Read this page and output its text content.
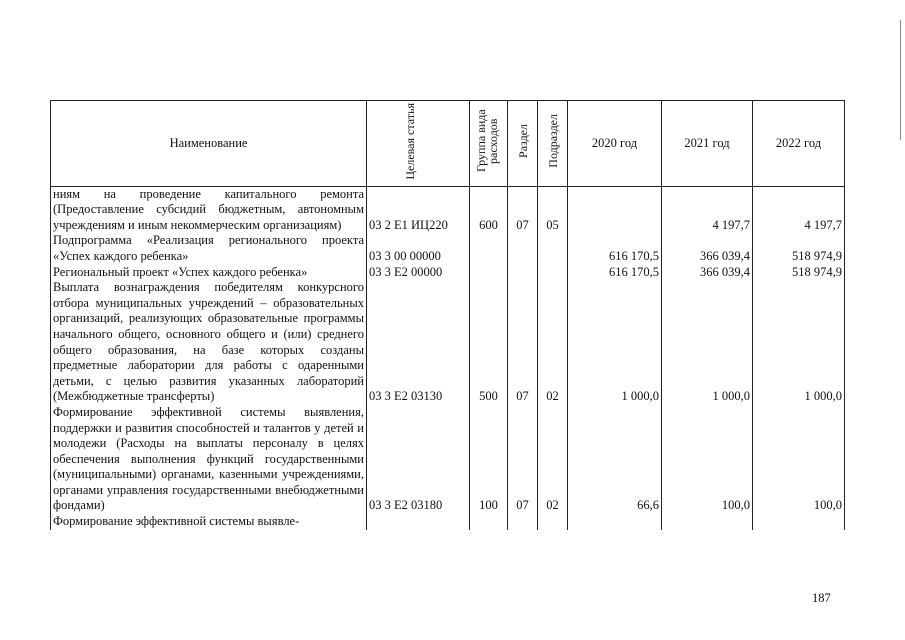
Наименование	Целевая статья	Группа вида расходов	Раздел	Подраздел	2020 год	2021 год	2022 год
ниям на проведение капитального ремонта (Предоставление субсидий бюджетным, автономным учреждениям и иным некоммерческим организациям)	03 2 E1 ИЦ220	600	07	05		4 197,7	4 197,7
Подпрограмма «Реализация регионального проекта «Успех каждого ребенка»	03 3 00 00000				616 170,5	366 039,4	518 974,9
Региональный проект «Успех каждого ребенка»	03 3 E2 00000				616 170,5	366 039,4	518 974,9
Выплата вознаграждения победителям конкурсного отбора муниципальных учреждений – образовательных организаций, реализующих образовательные программы начального общего, основного общего и (или) среднего общего образования, на базе которых созданы предметные лаборатории для работы с одаренными детьми, с целью развития указанных лабораторий (Межбюджетные трансферты)	03 3 E2 03130	500	07	02	1 000,0	1 000,0	1 000,0
Формирование эффективной системы выявления, поддержки и развития способностей и талантов у детей и молодежи (Расходы на выплаты персоналу в целях обеспечения выполнения функций государственными (муниципальными) органами, казенными учреждениями, органами управления государственными внебюджетными фондами)	03 3 E2 03180	100	07	02	66,6	100,0	100,0
Формирование эффективной системы выявле-							
187
